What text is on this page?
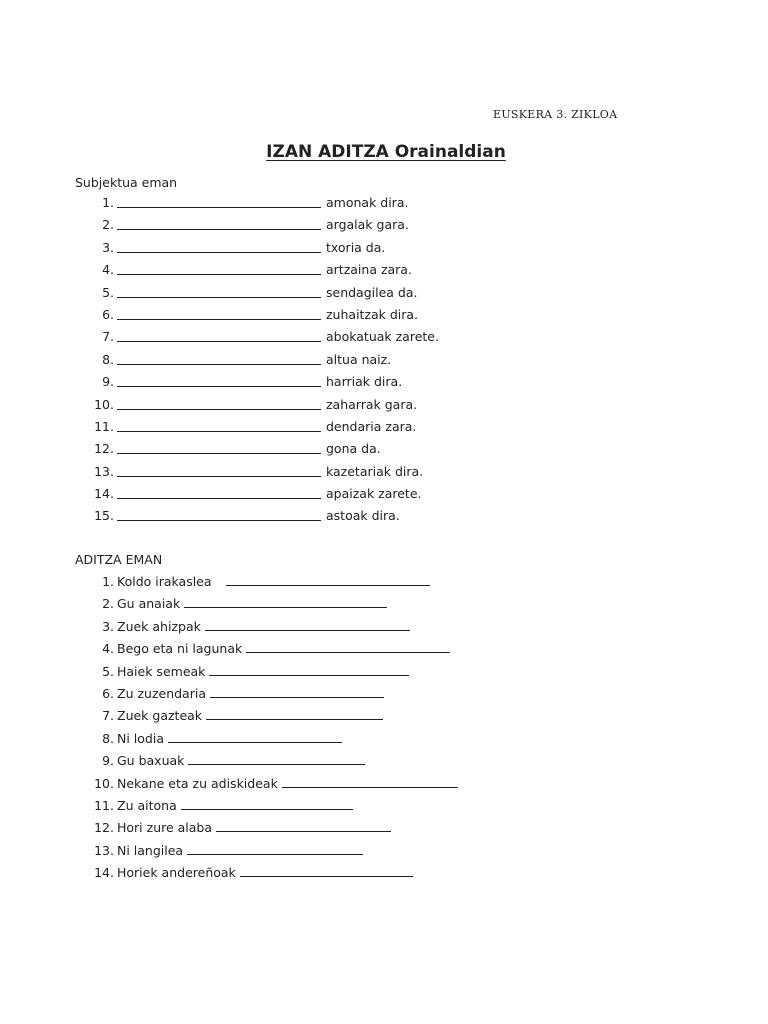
EUSKERA 3. ZIKLOA
IZAN ADITZA Orainaldian
Subjektua eman
1.	amonak dira.
2.	argalak gara.
3.	txoria da.
4.	artzaina zara.
5.	sendagilea da.
6.	zuhaitzak dira.
7.	abokatuak zarete.
8.	altua naiz.
9.	harriak dira.
10.	zaharrak gara.
11.	dendaria zara.
12.	gona da.
13.	kazetariak dira.
14.	apaizak zarete.
15.	astoak dira.
ADITZA EMAN
1. Koldo irakaslea
2. Gu anaiak
3. Zuek ahizpak
4. Bego eta ni lagunak
5. Haiek semeak
6. Zu zuzendaria
7. Zuek gazteak
8. Ni lodia
9. Gu baxuak
10. Nekane eta zu adiskideak
11. Zu aitona
12. Hori zure alaba
13. Ni langilea
14. Horiek andereñoak
